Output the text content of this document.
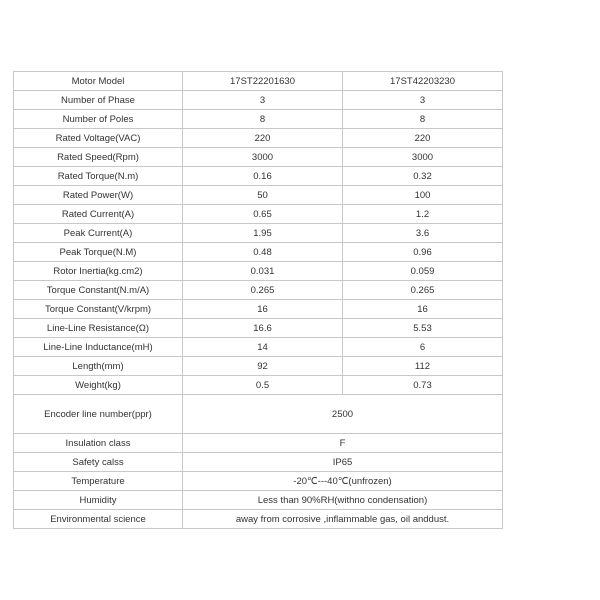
Motor Model	17ST22201630	17ST42203230
Number of Phase	3	3
Number of Poles	8	8
Rated Voltage(VAC)	220	220
Rated Speed(Rpm)	3000	3000
Rated Torque(N.m)	0.16	0.32
Rated Power(W)	50	100
Rated Current(A)	0.65	1.2
Peak Current(A)	1.95	3.6
Peak Torque(N.M)	0.48	0.96
Rotor Inertia(kg.cm2)	0.031	0.059
Torque Constant(N.m/A)	0.265	0.265
Torque Constant(V/krpm)	16	16
Line-Line Resistance(Ω)	16.6	5.53
Line-Line Inductance(mH)	14	6
Length(mm)	92	112
Weight(kg)	0.5	0.73
Encoder line number(ppr)	2500	
Insulation class	F	
Safety calss	IP65	
Temperature	-20℃---40℃(unfrozen)	
Humidity	Less than 90%RH(withno condensation)	
Environmental science	away from corrosive ,inflammable gas, oil anddust.	
